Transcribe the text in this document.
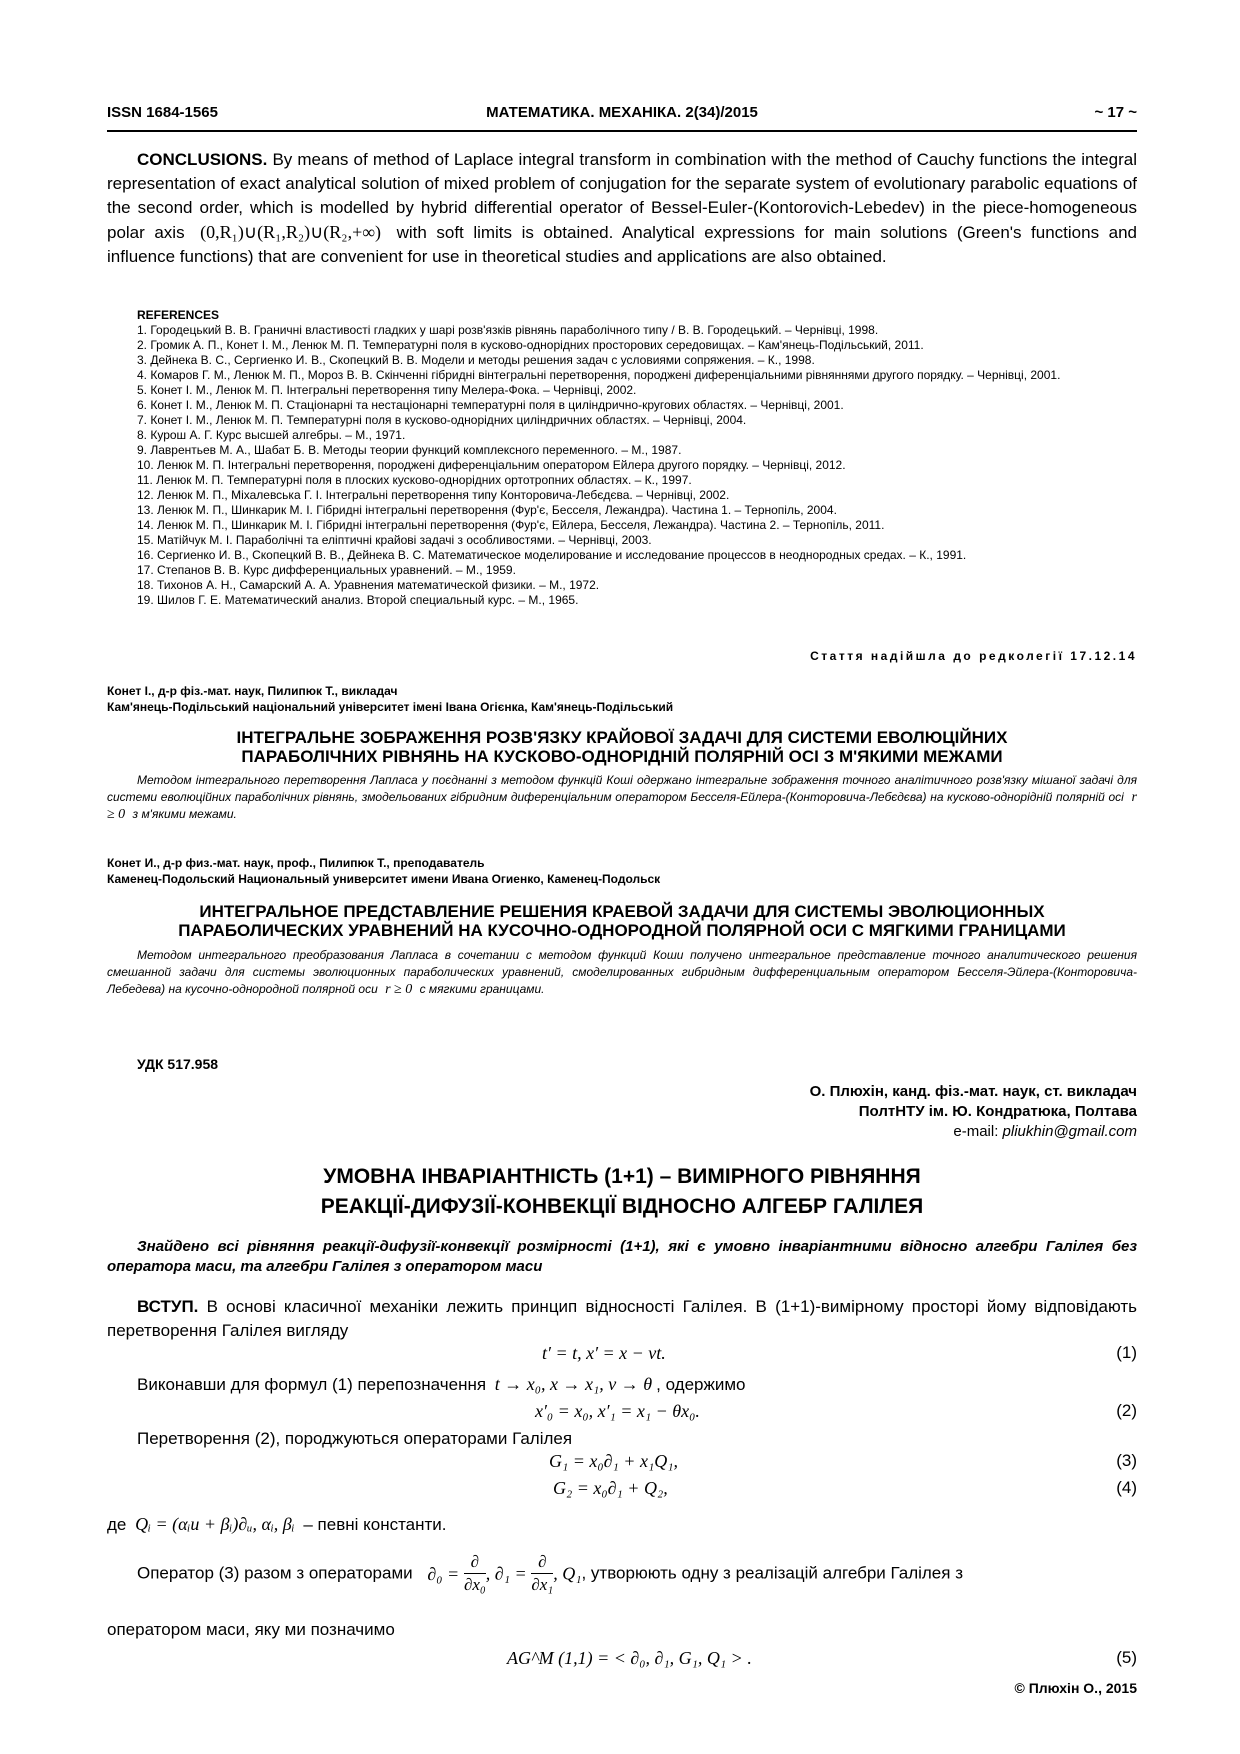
ISSN 1684-1565	МАТЕМАТИКА. МЕХАНІКА. 2(34)/2015	~ 17 ~
CONCLUSIONS. By means of method of Laplace integral transform in combination with the method of Cauchy functions the integral representation of exact analytical solution of mixed problem of conjugation for the separate system of evolutionary parabolic equations of the second order, which is modelled by hybrid differential operator of Bessel-Euler-(Kontorovich-Lebedev) in the piece-homogeneous polar axis (0,R₁)∪(R₁,R₂)∪(R₂,+∞) with soft limits is obtained. Analytical expressions for main solutions (Green's functions and influence functions) that are convenient for use in theoretical studies and applications are also obtained.
REFERENCES
1. Городецький В. В. Граничні властивості гладких у шарі розв'язків рівнянь параболічного типу / В. В. Городецький. – Чернівці, 1998.
2. Громик А. П., Конет І. М., Ленюк М. П. Температурні поля в кусково-однорідних просторових середовищах. – Кам'янець-Подільський, 2011.
3. Дейнека В. С., Сергиенко И. В., Скопецкий В. В. Модели и методы решения задач с условиями сопряжения. – К., 1998.
4. Комаров Г. М., Ленюк М. П., Мороз В. В. Скінченні гібридні вінтегральні перетворення, породжені диференціальними рівняннями другого порядку. – Чернівці, 2001.
5. Конет І. М., Ленюк М. П. Інтегральні перетворення типу Мелера-Фока. – Чернівці, 2002.
6. Конет І. М., Ленюк М. П. Стаціонарні та нестаціонарні температурні поля в циліндрично-кругових областях. – Чернівці, 2001.
7. Конет І. М., Ленюк М. П. Температурні поля в кусково-однорідних циліндричних областях. – Чернівці, 2004.
8. Курош А. Г. Курс высшей алгебры. – М., 1971.
9. Лаврентьев М. А., Шабат Б. В. Методы теории функций комплексного переменного. – М., 1987.
10. Ленюк М. П. Інтегральні перетворення, породжені диференціальним оператором Ейлера другого порядку. – Чернівці, 2012.
11. Ленюк М. П. Температурні поля в плоских кусково-однорідних ортотропних областях. – К., 1997.
12. Ленюк М. П., Міхалевська Г. І. Інтегральні перетворення типу Конторовича-Лебєдєва. – Чернівці, 2002.
13. Ленюк М. П., Шинкарик М. І. Гібридні інтегральні перетворення (Фур'є, Бесселя, Лежандра). Частина 1. – Тернопіль, 2004.
14. Ленюк М. П., Шинкарик М. І. Гібридні інтегральні перетворення (Фур'є, Ейлера, Бесселя, Лежандра). Частина 2. – Тернопіль, 2011.
15. Матійчук М. І. Параболічні та еліптичні крайові задачі з особливостями. – Чернівці, 2003.
16. Сергиенко И. В., Скопецкий В. В., Дейнека В. С. Математическое моделирование и исследование процессов в неоднородных средах. – К., 1991.
17. Степанов В. В. Курс дифференциальных уравнений. – М., 1959.
18. Тихонов А. Н., Самарский А. А. Уравнения математической физики. – М., 1972.
19. Шилов Г. Е. Математический анализ. Второй специальный курс. – М., 1965.
Стаття надійшла до редколегії 17.12.14
Конет І., д-р фіз.-мат. наук, Пилипюк Т., викладач
Кам'янець-Подільський національний університет імені Івана Огієнка, Кам'янець-Подільський
ІНТЕГРАЛЬНЕ ЗОБРАЖЕННЯ РОЗВ'ЯЗКУ КРАЙОВОЇ ЗАДАЧІ ДЛЯ СИСТЕМИ ЕВОЛЮЦІЙНИХ
ПАРАБОЛІЧНИХ РІВНЯНЬ НА КУСКОВО-ОДНОРІДНІЙ ПОЛЯРНІЙ ОСІ З М'ЯКИМИ МЕЖАМИ
Методом інтегрального перетворення Лапласа у поєднанні з методом функцій Коші одержано інтегральне зображення точного аналітичного розв'язку мішаної задачі для системи еволюційних параболічних рівнянь, змодельованих гібридним диференціальним оператором Бесселя-Ейлера-(Конторовича-Лебєдєва) на кусково-однорідній полярній осі r ≥ 0 з м'якими межами.
Конет И., д-р физ.-мат. наук, проф., Пилипюк Т., преподаватель
Каменец-Подольский Национальный университет имени Ивана Огиенко, Каменец-Подольск
ИНТЕГРАЛЬНОЕ ПРЕДСТАВЛЕНИЕ РЕШЕНИЯ КРАЕВОЙ ЗАДАЧИ ДЛЯ СИСТЕМЫ ЭВОЛЮЦИОННЫХ
ПАРАБОЛИЧЕСКИХ УРАВНЕНИЙ НА КУСОЧНО-ОДНОРОДНОЙ ПОЛЯРНОЙ ОСИ С МЯГКИМИ ГРАНИЦАМИ
Методом интегрального преобразования Лапласа в сочетании с методом функций Коши получено интегральное представление точного аналитического решения смешанной задачи для системы эволюционных параболических уравнений, смоделированных гибридным дифференциальным оператором Бесселя-Эйлера-(Конторовича-Лебедева) на кусочно-однородной полярной оси r ≥ 0 с мягкими границами.
УДК 517.958
О. Плюхін, канд. фіз.-мат. наук, ст. викладач
ПолтНТУ ім. Ю. Кондратюка, Полтава
e-mail: pliukhin@gmail.com
УМОВНА ІНВАРІАНТНІСТЬ (1+1) – ВИМІРНОГО РІВНЯННЯ
РЕАКЦІЇ-ДИФУЗІЇ-КОНВЕКЦІЇ ВІДНОСНО АЛГЕБР ГАЛІЛЕЯ
Знайдено всі рівняння реакції-дифузії-конвекції розмірності (1+1), які є умовно інваріантними відносно алгебри Галілея без оператора маси, та алгебри Галілея з оператором маси
ВСТУП. В основі класичної механіки лежить принцип відносності Галілея. В (1+1)-вимірному просторі йому відповідають перетворення Галілея вигляду
t′ = t, x′ = x − vt.	(1)
Виконавши для формул (1) перепозначення t → x₀, x → x₁, v → θ , одержимо
x′₀ = x₀, x′₁ = x₁ − θx₀.	(2)
Перетворення (2), породжуються операторами Галілея
G₁ = x₀∂₁ + x₁Q₁,	(3)
G₂ = x₀∂₁ + Q₂,	(4)
де Qᵢ = (αᵢu + βᵢ)∂ᵤ, αᵢ, βᵢ – певні константи.
Оператор (3) разом з операторами $\partial_0 = \frac{\partial}{\text{∂x₀}}$ , $\partial_1 = \frac{\partial}{\text{∂x₁}}$ , Q₁, утворюють одну з реалізацій алгебри Галілея з
оператором маси, яку ми позначимо
AG^M (1,1) = < ∂₀, ∂₁, G₁, Q₁ > .	(5)
© Плюхін О., 2015
